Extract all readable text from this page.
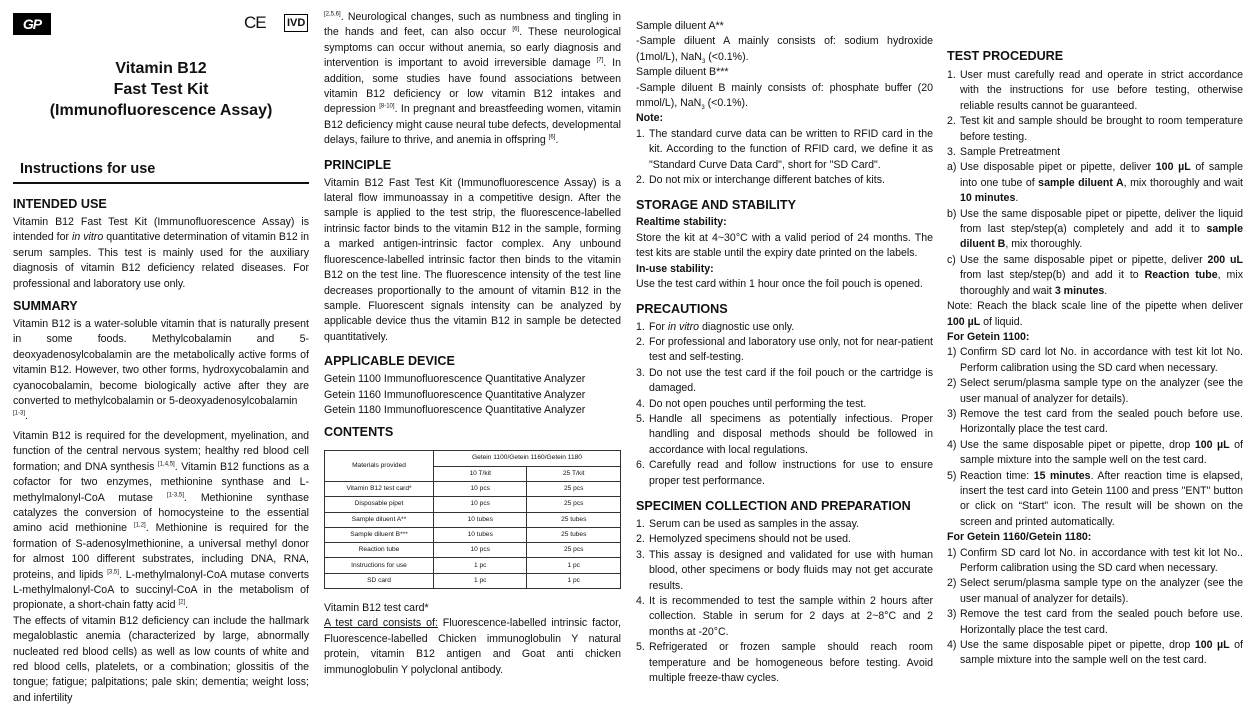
GP	CE IVD
Vitamin B12
Fast Test Kit
(Immunofluorescence Assay)
Instructions for use
INTENDED USE

Vitamin B12 Fast Test Kit (Immunofluorescence Assay) is intended for in vitro quantitative determination of vitamin B12 in serum samples. This test is mainly used for the auxiliary diagnosis of vitamin B12 deficiency related diseases. For professional and laboratory use only.

SUMMARY

Vitamin B12 is a water-soluble vitamin that is naturally present in some foods. Methylcobalamin and 5-deoxyadenosylcobalamin are the metabolically active forms of vitamin B12. However, two other forms, hydroxycobalamin and cyanocobalamin, become biologically active after they are converted to methylcobalamin or 5-deoxyadenosylcobalamin
[1-3].

Vitamin B12 is required for the development, myelination, and function of the central nervous system; healthy red blood cell formation; and DNA synthesis [1,4,5]. Vitamin B12 functions as a cofactor for two enzymes, methionine synthase and L-methylmalonyl-CoA mutase [1-3,5]. Methionine synthase catalyzes the conversion of homocysteine to the essential amino acid methionine [1,2]. Methionine is required for the formation of S-adenosylmethionine, a universal methyl donor for almost 100 different substrates, including DNA, RNA, proteins, and lipids [3,5]. L-methylmalonyl-CoA mutase converts L-methylmalonyl-CoA to succinyl-CoA in the metabolism of propionate, a short-chain fatty acid [2].

The effects of vitamin B12 deficiency can include the hallmark megaloblastic anemia (characterized by large, abnormally nucleated red blood cells) as well as low counts of white and red blood cells, platelets, or a combination; glossitis of the tongue; fatigue; palpitations; pale skin; dementia; weight loss; and infertility

[2,5,6]. Neurological changes, such as numbness and tingling in the hands and feet, can also occur [6]. These neurological symptoms can occur without anemia, so early diagnosis and intervention is important to avoid irreversible damage [7]. In addition, some studies have found associations between vitamin B12 deficiency or low vitamin B12 intakes and depression [8-10]. In pregnant and breastfeeding women, vitamin B12 deficiency might cause neural tube defects, developmental delays, failure to thrive, and anemia in offspring [6].

PRINCIPLE

Vitamin B12 Fast Test Kit (Immunofluorescence Assay) is a lateral flow immunoassay in a competitive design. After the sample is applied to the test strip, the fluorescence-labelled intrinsic factor binds to the vitamin B12 in the sample, forming a marked antigen-intrinsic factor complex. Any unbound fluorescence-labelled intrinsic factor then binds to the vitamin B12 on the test line. The fluorescence intensity of the test line decreases proportionally to the amount of vitamin B12 in the sample. Fluorescent signals intensity can be analyzed by applicable device thus the vitamin B12 in sample be detected quantitatively.

APPLICABLE DEVICE
Getein 1100 Immunofluorescence Quantitative Analyzer
Getein 1160 Immunofluorescence Quantitative Analyzer
Getein 1180 Immunofluorescence Quantitative Analyzer
CONTENTS
Materials provided	Getein 1100/Getein 1160/Getein 1180	
	10 T/kit	25 T/kit
Vitamin B12 test card*	10 pcs	25 pcs
Disposable pipet	10 pcs	25 pcs
Sample diluent A**	10 tubes	25 tubes
Sample diluent B***	10 tubes	25 tubes
Reaction tube	10 pcs	25 pcs
Instructions for use	1 pc	1 pc
SD card	1 pc	1 pc
Vitamin B12 test card*

A test card consists of: Fluorescence-labelled intrinsic factor, Fluorescence-labelled Chicken immunoglobulin Y natural protein, vitamin B12 antigen and Goat anti chicken immunoglobulin Y polyclonal antibody.

Sample diluent A**

-Sample diluent A mainly consists of: sodium hydroxide (1mol/L), NaN$_3$ (<0.1%).

Sample diluent B***

-Sample diluent B mainly consists of: phosphate buffer (20 mmol/L), NaN$_3$ (<0.1%).

Note:
1. The standard curve data can be written to RFID card in the kit. According to the function of RFID card, we define it as "Standard Curve Data Card", short for "SD Card".
2. Do not mix or interchange different batches of kits.
STORAGE AND STABILITY
Realtime stability:

Store the kit at 4~30°C with a valid period of 24 months. The test kits are stable until the expiry date printed on the labels.

In-use stability:

Use the test card within 1 hour once the foil pouch is opened.

PRECAUTIONS
1. For in vitro diagnostic use only.
2. For professional and laboratory use only, not for near-patient test and self-testing.
3. Do not use the test card if the foil pouch or the cartridge is damaged.
4. Do not open pouches until performing the test.
5. Handle all specimens as potentially infectious. Proper handling and disposal methods should be followed in accordance with local regulations.
6. Carefully read and follow instructions for use to ensure proper test performance.
SPECIMEN COLLECTION AND PREPARATION
1. Serum can be used as samples in the assay.
2. Hemolyzed specimens should not be used.
3. This assay is designed and validated for use with human blood, other specimens or body fluids may not get accurate results.
4. It is recommended to test the sample within 2 hours after collection. Stable in serum for 2 days at 2~8°C and 2 months at -20°C.
5. Refrigerated or frozen sample should reach room temperature and be homogeneous before testing. Avoid multiple freeze-thaw cycles.
TEST PROCEDURE
1. User must carefully read and operate in strict accordance with the instructions for use before testing, otherwise reliable results cannot be guaranteed.
2. Test kit and sample should be brought to room temperature before testing.
3. Sample Pretreatment
a) Use disposable pipet or pipette, deliver 100 µL of sample into one tube of sample diluent A, mix thoroughly and wait 10 minutes.
b) Use the same disposable pipet or pipette, deliver the liquid from last step/step(a) completely and add it to sample diluent B, mix thoroughly.
c) Use the same disposable pipet or pipette, deliver 200 uL from last step/step(b) and add it to Reaction tube, mix thoroughly and wait 3 minutes.

Note: Reach the black scale line of the pipette when deliver 100 µL of liquid.

For Getein 1100:
1) Confirm SD card lot No. in accordance with test kit lot No. Perform calibration using the SD card when necessary.
2) Select serum/plasma sample type on the analyzer (see the user manual of analyzer for details).
3) Remove the test card from the sealed pouch before use. Horizontally place the test card.
4) Use the same disposable pipet or pipette, drop 100 µL of sample mixture into the sample well on the test card.
5) Reaction time: 15 minutes. After reaction time is elapsed, insert the test card into Getein 1100 and press "ENT" button or click on “Start” icon. The result will be shown on the screen and printed automatically.
For Getein 1160/Getein 1180:
1) Confirm SD card lot No. in accordance with test kit lot No.. Perform calibration using the SD card when necessary.
2) Select serum/plasma sample type on the analyzer (see the user manual of analyzer for details).
3) Remove the test card from the sealed pouch before use. Horizontally place the test card.
4) Use the same disposable pipet or pipette, drop 100 µL of sample mixture into the sample well on the test card.
